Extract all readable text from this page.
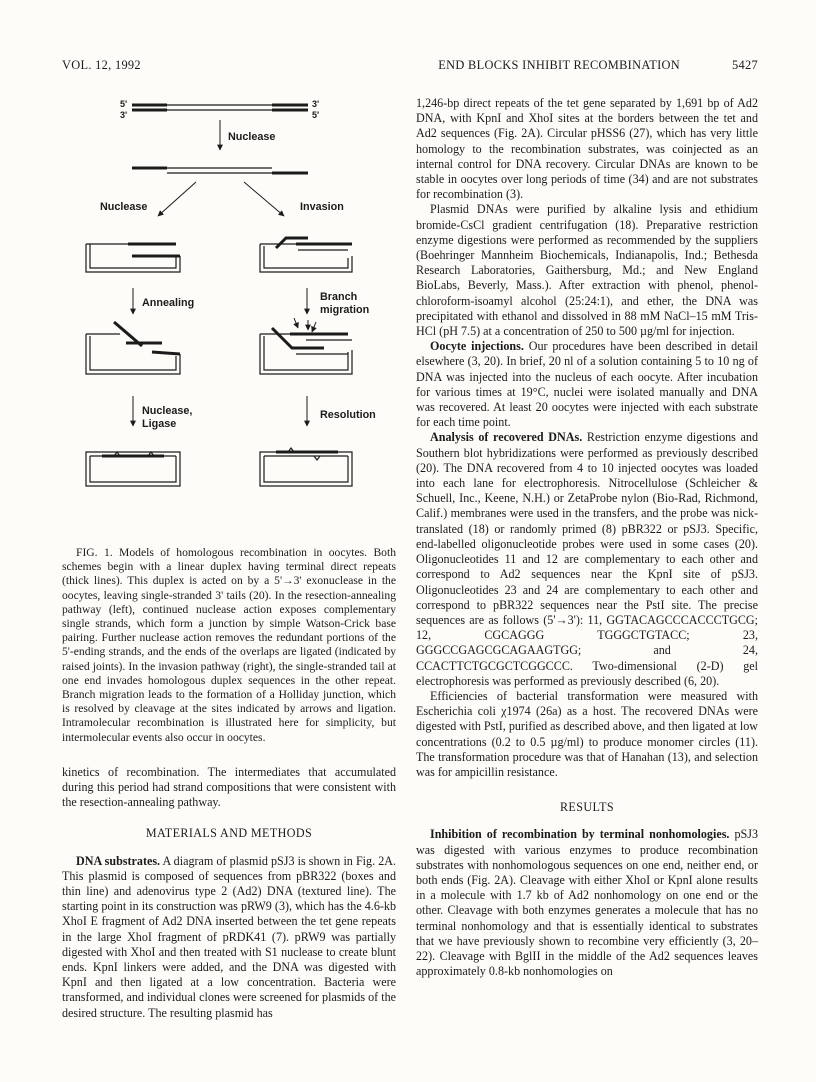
VOL. 12, 1992	END BLOCKS INHIBIT RECOMBINATION	5427
5'
3'
3'
5'
Nuclease
Nuclease	Invasion
Annealing	Branch
migration
Nuclease,
Ligase
Resolution

FIG. 1. Models of homologous recombination in oocytes. Both schemes begin with a linear duplex having terminal direct repeats (thick lines). This duplex is acted on by a 5'→3' exonuclease in the oocytes, leaving single-stranded 3' tails (20). In the resection-annealing pathway (left), continued nuclease action exposes complementary single strands, which form a junction by simple Watson-Crick base pairing. Further nuclease action removes the redundant portions of the 5'-ending strands, and the ends of the overlaps are ligated (indicated by raised joints). In the invasion pathway (right), the single-stranded tail at one end invades homologous duplex sequences in the other repeat. Branch migration leads to the formation of a Holliday junction, which is resolved by cleavage at the sites indicated by arrows and ligation. Intramolecular recombination is illustrated here for simplicity, but intermolecular events also occur in oocytes.

kinetics of recombination. The intermediates that accumulated during this period had strand compositions that were consistent with the resection-annealing pathway.

MATERIALS AND METHODS

DNA substrates. A diagram of plasmid pSJ3 is shown in Fig. 2A. This plasmid is composed of sequences from pBR322 (boxes and thin line) and adenovirus type 2 (Ad2) DNA (textured line). The starting point in its construction was pRW9 (3), which has the 4.6-kb XhoI E fragment of Ad2 DNA inserted between the tet gene repeats in the large XhoI fragment of pRDK41 (7). pRW9 was partially digested with XhoI and then treated with S1 nuclease to create blunt ends. KpnI linkers were added, and the DNA was digested with KpnI and then ligated at a low concentration. Bacteria were transformed, and individual clones were screened for plasmids of the desired structure. The resulting plasmid has

1,246-bp direct repeats of the tet gene separated by 1,691 bp of Ad2 DNA, with KpnI and XhoI sites at the borders between the tet and Ad2 sequences (Fig. 2A). Circular pHSS6 (27), which has very little homology to the recombination substrates, was coinjected as an internal control for DNA recovery. Circular DNAs are known to be stable in oocytes over long periods of time (34) and are not substrates for recombination (3).

Plasmid DNAs were purified by alkaline lysis and ethidium bromide-CsCl gradient centrifugation (18). Preparative restriction enzyme digestions were performed as recommended by the suppliers (Boehringer Mannheim Biochemicals, Indianapolis, Ind.; Bethesda Research Laboratories, Gaithersburg, Md.; and New England BioLabs, Beverly, Mass.). After extraction with phenol, phenol-chloroform-isoamyl alcohol (25:24:1), and ether, the DNA was precipitated with ethanol and dissolved in 88 mM NaCl–15 mM Tris-HCl (pH 7.5) at a concentration of 250 to 500 µg/ml for injection.

Oocyte injections. Our procedures have been described in detail elsewhere (3, 20). In brief, 20 nl of a solution containing 5 to 10 ng of DNA was injected into the nucleus of each oocyte. After incubation for various times at 19°C, nuclei were isolated manually and DNA was recovered. At least 20 oocytes were injected with each substrate for each time point.

Analysis of recovered DNAs. Restriction enzyme digestions and Southern blot hybridizations were performed as previously described (20). The DNA recovered from 4 to 10 injected oocytes was loaded into each lane for electrophoresis. Nitrocellulose (Schleicher & Schuell, Inc., Keene, N.H.) or ZetaProbe nylon (Bio-Rad, Richmond, Calif.) membranes were used in the transfers, and the probe was nick-translated (18) or randomly primed (8) pBR322 or pSJ3. Specific, end-labelled oligonucleotide probes were used in some cases (20). Oligonucleotides 11 and 12 are complementary to each other and correspond to Ad2 sequences near the KpnI site of pSJ3. Oligonucleotides 23 and 24 are complementary to each other and correspond to pBR322 sequences near the PstI site. The precise sequences are as follows (5'→3'): 11, GGTACAGCCCACCCTGCG; 12, CGCAGGG TGGGCTGTACC; 23, GGGCCGAGCGCAGAAGTGG; and 24, CCACTTCTGCGCTCGGCCC. Two-dimensional (2-D) gel electrophoresis was performed as previously described (6, 20).

Efficiencies of bacterial transformation were measured with Escherichia coli χ1974 (26a) as a host. The recovered DNAs were digested with PstI, purified as described above, and then ligated at low concentrations (0.2 to 0.5 µg/ml) to produce monomer circles (11). The transformation procedure was that of Hanahan (13), and selection was for ampicillin resistance.

RESULTS

Inhibition of recombination by terminal nonhomologies. pSJ3 was digested with various enzymes to produce recombination substrates with nonhomologous sequences on one end, neither end, or both ends (Fig. 2A). Cleavage with either XhoI or KpnI alone results in a molecule with 1.7 kb of Ad2 nonhomology on one end or the other. Cleavage with both enzymes generates a molecule that has no terminal nonhomology and that is essentially identical to substrates that we have previously shown to recombine very efficiently (3, 20–22). Cleavage with BglII in the middle of the Ad2 sequences leaves approximately 0.8-kb nonhomologies on
